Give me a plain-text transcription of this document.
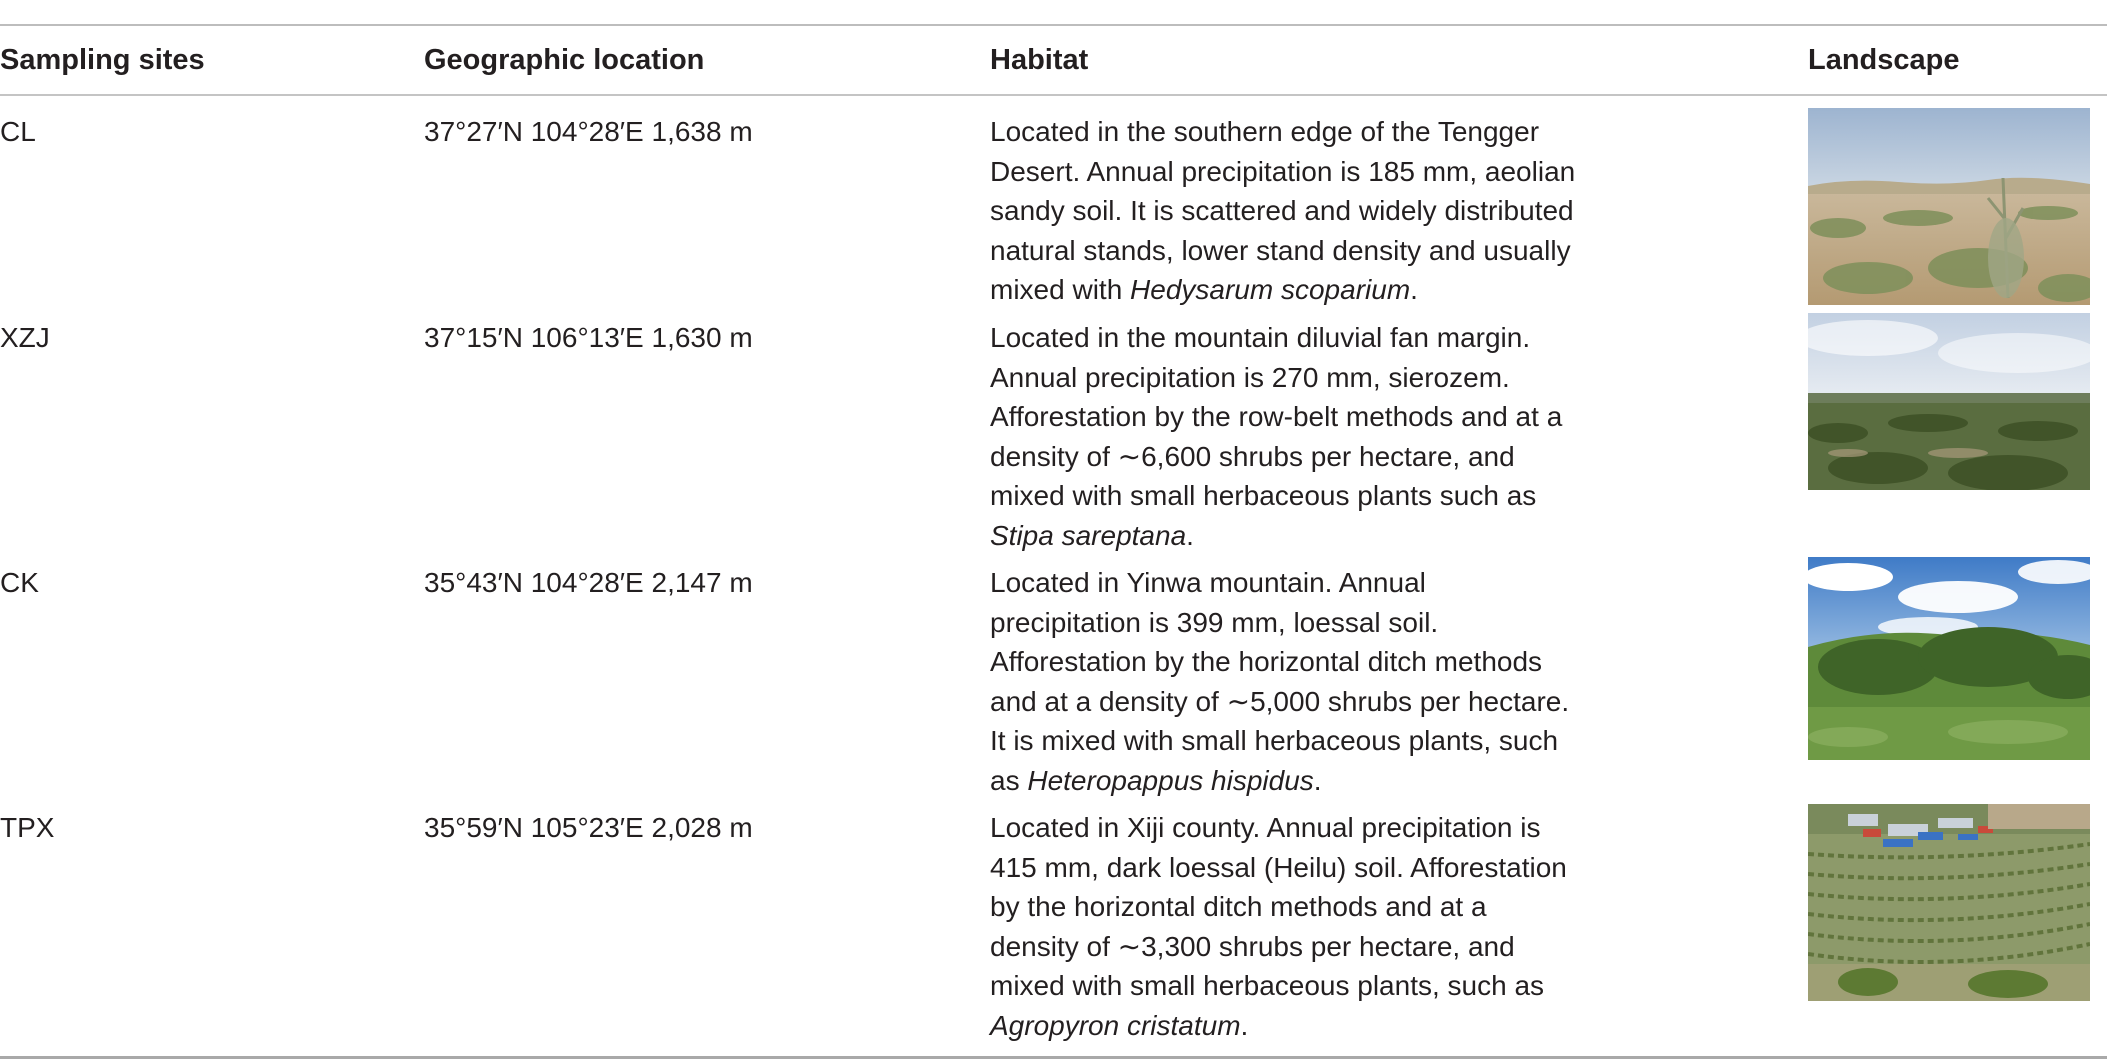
Sampling sites	Geographic location	Habitat	Landscape
CL	37°27′N 104°28′E 1,638 m	Located in the southern edge of the Tengger
Desert. Annual precipitation is 185 mm, aeolian
sandy soil. It is scattered and widely distributed
natural stands, lower stand density and usually
mixed with Hedysarum scoparium.
XZJ	37°15′N 106°13′E 1,630 m	Located in the mountain diluvial fan margin.
Annual precipitation is 270 mm, sierozem.
Afforestation by the row-belt methods and at a
density of ∼6,600 shrubs per hectare, and
mixed with small herbaceous plants such as
Stipa sareptana.
CK	35°43′N 104°28′E 2,147 m	Located in Yinwa mountain. Annual
precipitation is 399 mm, loessal soil.
Afforestation by the horizontal ditch methods
and at a density of ∼5,000 shrubs per hectare.
It is mixed with small herbaceous plants, such
as Heteropappus hispidus.
TPX	35°59′N 105°23′E 2,028 m	Located in Xiji county. Annual precipitation is
415 mm, dark loessal (Heilu) soil. Afforestation
by the horizontal ditch methods and at a
density of ∼3,300 shrubs per hectare, and
mixed with small herbaceous plants, such as
Agropyron cristatum.
